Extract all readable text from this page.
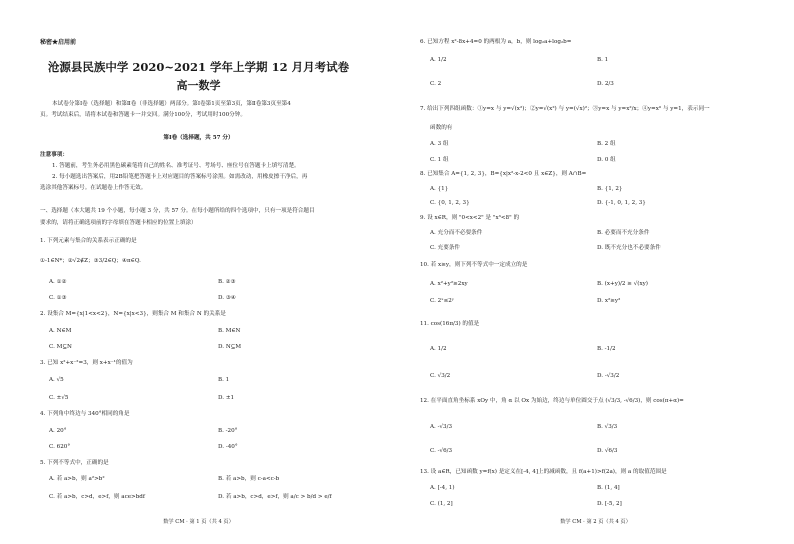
秘密★启用前
沧源县民族中学 2020~2021 学年上学期 12 月月考试卷
高一数学
本试卷分第Ⅰ卷（选择题）和第Ⅱ卷（非选择题）两部分。第Ⅰ卷第1页至第3页，第Ⅱ卷第3页至第4
页。考试结束后，请将本试卷和答题卡一并交回。满分100分，考试用时100分钟。
第Ⅰ卷（选择题，共 57 分）
注意事项：
1. 答题前，考生务必用黑色碳素笔将自己的姓名、准考证号、考场号、座位号在答题卡上填写清楚。
2. 每小题选出答案后，用2B铅笔把答题卡上对应题目的答案标号涂黑。如需改动，用橡皮擦干净后，再
选涂其他答案标号。在试题卷上作答无效。
一、选择题（本大题共 19 个小题，每小题 3 分，共 57 分。在每小题所给的四个选项中，只有一项是符合题目
要求的，请将正确选项前的字母填在答题卡相应的位置上填涂）
1. 下列元素与集合的关系表示正确的是
①-1∈N*；②√2∉Z；③3/2∈Q；④π∈Q.
A. ①②	B. ②③
C. ①③	D. ③④
2. 设集合 M={x|1<x<2}，N={x|x<3}，则集合 M 和集合 N 的关系是
A. N∈M	B. M∈N
C. M⊆N	D. N⊆M
3. 已知 x²+x⁻²=3，则 x+x⁻¹的值为
A. √5	B. 1
C. ±√5	D. ±1
4. 下列角中终边与 340°相同的角是
A. 20°	B. -20°
C. 620°	D. -40°
5. 下列不等式中，正确的是
A. 若 a>b，则 a²>b²	B. 若 a>b，则 c-a<c-b
C. 若 a>b，c>d，e>f，则 ace>bdf	D. 若 a>b，c>d，e>f，则 a/c > b/d > e/f
数学 CM · 第 1 页（共 4 页）
6. 已知方程 x²-8x+4=0 的两根为 a，b，则 log₂a+log₂b=
A. 1/2	B. 1
C. 2	D. 2/3
7. 给出下列四组函数：①y=x 与 y=√(x²)；②y=√(x²) 与 y=(√x)²；③y=x 与 y=x²/x；④y=x⁰ 与 y=1，表示同一
函数的有
A. 3 组	B. 2 组
C. 1 组	D. 0 组
8. 已知集合 A={1, 2, 3}，B={x|x²-x-2<0 且 x∈Z}，则 A∩B=
A. {1}	B. {1, 2}
C. {0, 1, 2, 3}	D. {-1, 0, 1, 2, 3}
9. 设 x∈R，则 "0<x<2" 是 "x³<8" 的
A. 充分而不必要条件	B. 必要而不充分条件
C. 充要条件	D. 既不充分也不必要条件
10. 若 x≥y，则下列不等式中一定成立的是
A. x²+y²≥2xy	B. (x+y)/2 ≥ √(xy)
C. 2ˣ≤2ʸ	D. x²≥y²
11. cos(16π/3) 的值是
A. 1/2	B. -1/2
C. √3/2	D. -√3/2
12. 在平面直角坐标系 xOy 中，角 α 以 Ox 为始边，终边与单位圆交于点 (√3/3, -√6/3)，则 cos(π+α)=
A. -√3/3	B. √3/3
C. -√6/3	D. √6/3
13. 设 a∈R，已知函数 y=f(x) 是定义在[-4, 4]上的减函数，且 f(a+1)>f(2a)，则 a 的取值范围是
A. [-4, 1)	B. (1, 4]
C. (1, 2]	D. [-5, 2]
数学 CM · 第 2 页（共 4 页）
